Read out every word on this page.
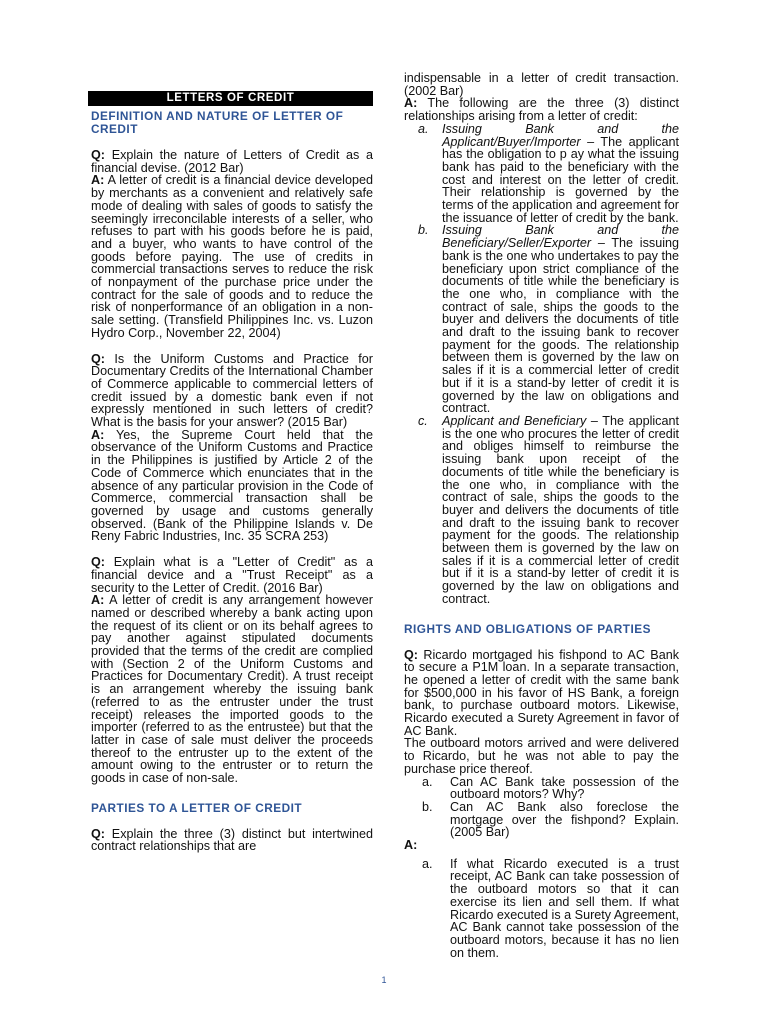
LETTERS OF CREDIT
DEFINITION AND NATURE OF LETTER OF CREDIT

Q: Explain the nature of Letters of Credit as a financial devise. (2012 Bar)

A: A letter of credit is a financial device developed by merchants as a convenient and relatively safe mode of dealing with sales of goods to satisfy the seemingly irreconcilable interests of a seller, who refuses to part with his goods before he is paid, and a buyer, who wants to have control of the goods before paying. The use of credits in commercial transactions serves to reduce the risk of nonpayment of the purchase price under the contract for the sale of goods and to reduce the risk of nonperformance of an obligation in a non-sale setting. (Transfield Philippines Inc. vs. Luzon Hydro Corp., November 22, 2004)

Q: Is the Uniform Customs and Practice for Documentary Credits of the International Chamber of Commerce applicable to commercial letters of credit issued by a domestic bank even if not expressly mentioned in such letters of credit? What is the basis for your answer? (2015 Bar)

A: Yes, the Supreme Court held that the observance of the Uniform Customs and Practice in the Philippines is justified by Article 2 of the Code of Commerce which enunciates that in the absence of any particular provision in the Code of Commerce, commercial transaction shall be governed by usage and customs generally observed. (Bank of the Philippine Islands v. De Reny Fabric Industries, Inc. 35 SCRA 253)

Q: Explain what is a "Letter of Credit" as a financial device and a "Trust Receipt" as a security to the Letter of Credit. (2016 Bar)

A: A letter of credit is any arrangement however named or described whereby a bank acting upon the request of its client or on its behalf agrees to pay another against stipulated documents provided that the terms of the credit are complied with (Section 2 of the Uniform Customs and Practices for Documentary Credit). A trust receipt is an arrangement whereby the issuing bank (referred to as the entruster under the trust receipt) releases the imported goods to the importer (referred to as the entrustee) but that the latter in case of sale must deliver the proceeds thereof to the entruster up to the extent of the amount owing to the entruster or to return the goods in case of non-sale.

PARTIES TO A LETTER OF CREDIT

Q: Explain the three (3) distinct but intertwined contract relationships that are

indispensable in a letter of credit transaction. (2002 Bar)

A: The following are the three (3) distinct relationships arising from a letter of credit:

a.	Issuing Bank and the Applicant/Buyer/Importer – The applicant has the obligation to p ay what the issuing bank has paid to the beneficiary with the cost and interest on the letter of credit. Their relationship is governed by the terms of the application and agreement for the issuance of letter of credit by the bank.
b.	Issuing Bank and the Beneficiary/Seller/Exporter – The issuing bank is the one who undertakes to pay the beneficiary upon strict compliance of the documents of title while the beneficiary is the one who, in compliance with the contract of sale, ships the goods to the buyer and delivers the documents of title and draft to the issuing bank to recover payment for the goods. The relationship between them is governed by the law on sales if it is a commercial letter of credit but if it is a stand-by letter of credit it is governed by the law on obligations and contract.
c.	Applicant and Beneficiary – The applicant is the one who procures the letter of credit and obliges himself to reimburse the issuing bank upon receipt of the documents of title while the beneficiary is the one who, in compliance with the contract of sale, ships the goods to the buyer and delivers the documents of title and draft to the issuing bank to recover payment for the goods. The relationship between them is governed by the law on sales if it is a commercial letter of credit but if it is a stand-by letter of credit it is governed by the law on obligations and contract.
RIGHTS AND OBLIGATIONS OF PARTIES

Q: Ricardo mortgaged his fishpond to AC Bank to secure a P1M loan. In a separate transaction, he opened a letter of credit with the same bank for $500,000 in his favor of HS Bank, a foreign bank, to purchase outboard motors. Likewise, Ricardo executed a Surety Agreement in favor of AC Bank.

The outboard motors arrived and were delivered to Ricardo, but he was not able to pay the purchase price thereof.

a.	Can AC Bank take possession of the outboard motors? Why?
b.	Can AC Bank also foreclose the mortgage over the fishpond? Explain. (2005 Bar)

A:

a.	If what Ricardo executed is a trust receipt, AC Bank can take possession of the outboard motors so that it can exercise its lien and sell them. If what Ricardo executed is a Surety Agreement, AC Bank cannot take possession of the outboard motors, because it has no lien on them.
1
